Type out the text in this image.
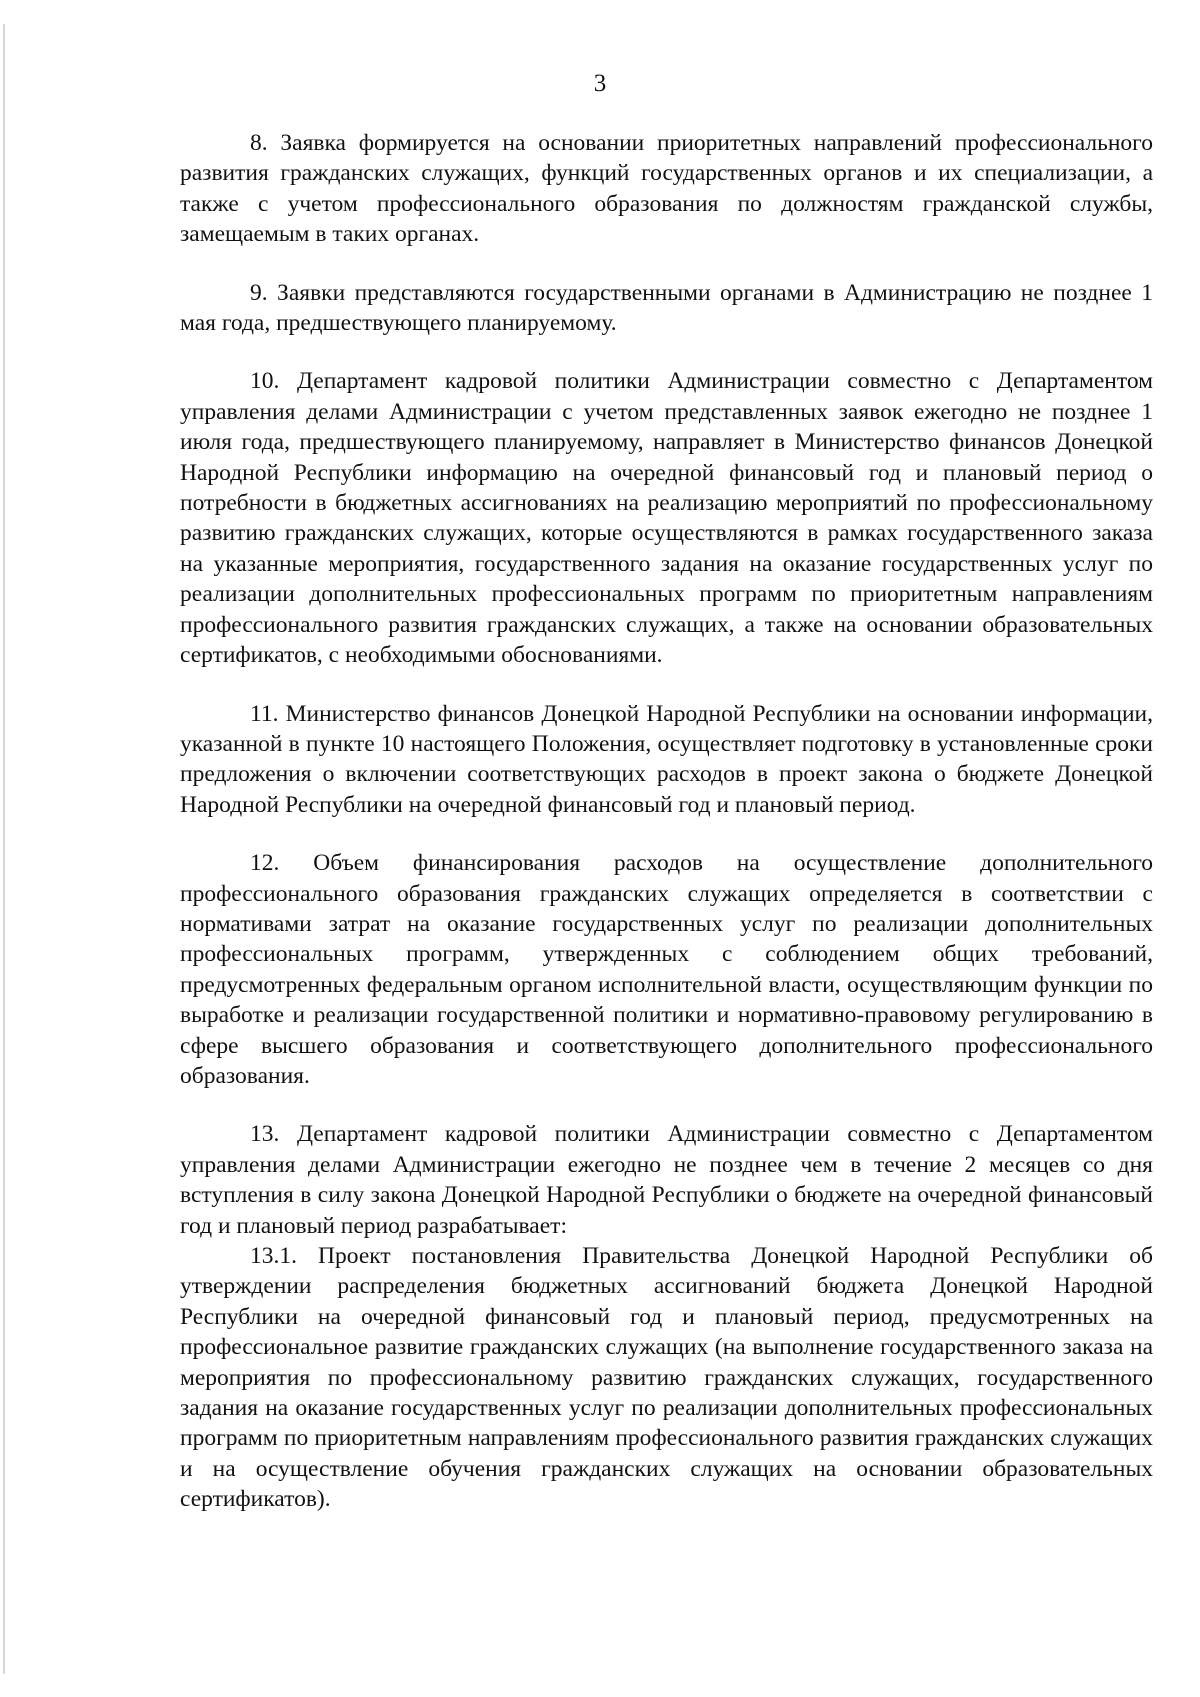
3

8. Заявка формируется на основании приоритетных направлений профессионального развития гражданских служащих, функций государственных органов и их специализации, а также с учетом профессионального образования по должностям гражданской службы, замещаемым в таких органах.

9. Заявки представляются государственными органами в Администрацию не позднее 1 мая года, предшествующего планируемому.

10. Департамент кадровой политики Администрации совместно с Департаментом управления делами Администрации с учетом представленных заявок ежегодно не позднее 1 июля года, предшествующего планируемому, направляет в Министерство финансов Донецкой Народной Республики информацию на очередной финансовый год и плановый период о потребности в бюджетных ассигнованиях на реализацию мероприятий по профессиональному развитию гражданских служащих, которые осуществляются в рамках государственного заказа на указанные мероприятия, государственного задания на оказание государственных услуг по реализации дополнительных профессиональных программ по приоритетным направлениям профессионального развития гражданских служащих, а также на основании образовательных сертификатов, с необходимыми обоснованиями.

11. Министерство финансов Донецкой Народной Республики на основании информации, указанной в пункте 10 настоящего Положения, осуществляет подготовку в установленные сроки предложения о включении соответствующих расходов в проект закона о бюджете Донецкой Народной Республики на очередной финансовый год и плановый период.

12. Объем финансирования расходов на осуществление дополнительного профессионального образования гражданских служащих определяется в соответствии с нормативами затрат на оказание государственных услуг по реализации дополнительных профессиональных программ, утвержденных с соблюдением общих требований, предусмотренных федеральным органом исполнительной власти, осуществляющим функции по выработке и реализации государственной политики и нормативно-правовому регулированию в сфере высшего образования и соответствующего дополнительного профессионального образования.

13. Департамент кадровой политики Администрации совместно с Департаментом управления делами Администрации ежегодно не позднее чем в течение 2 месяцев со дня вступления в силу закона Донецкой Народной Республики о бюджете на очередной финансовый год и плановый период разрабатывает:

13.1. Проект постановления Правительства Донецкой Народной Республики об утверждении распределения бюджетных ассигнований бюджета Донецкой Народной Республики на очередной финансовый год и плановый период, предусмотренных на профессиональное развитие гражданских служащих (на выполнение государственного заказа на мероприятия по профессиональному развитию гражданских служащих, государственного задания на оказание государственных услуг по реализации дополнительных профессиональных программ по приоритетным направлениям профессионального развития гражданских служащих и на осуществление обучения гражданских служащих на основании образовательных сертификатов).
